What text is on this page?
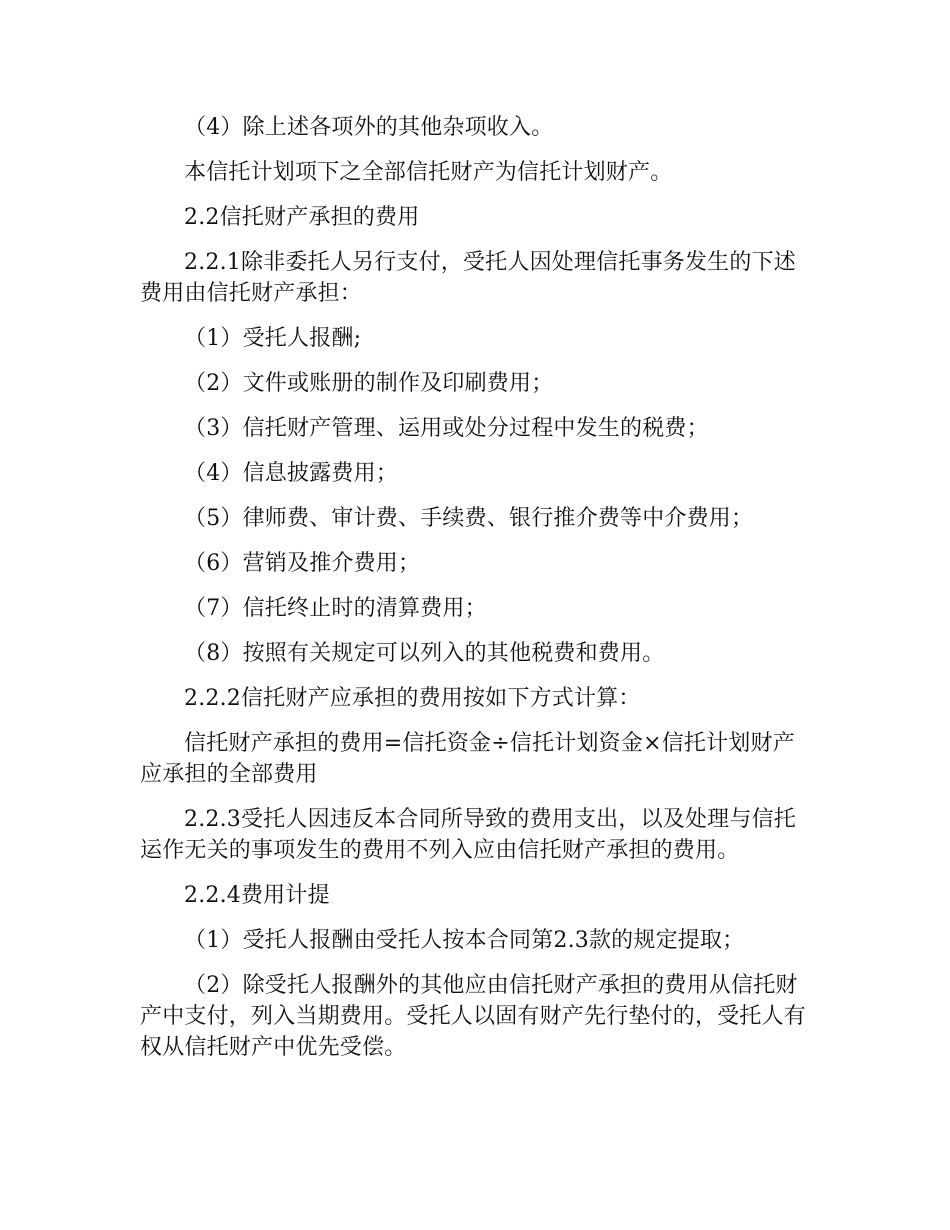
（4）除上述各项外的其他杂项收入。

本信托计划项下之全部信托财产为信托计划财产。

2.2信托财产承担的费用

2.2.1除非委托人另行支付，受托人因处理信托事务发生的下述费用由信托财产承担：

（1）受托人报酬;

（2）文件或账册的制作及印刷费用；

（3）信托财产管理、运用或处分过程中发生的税费；

（4）信息披露费用；

（5）律师费、审计费、手续费、银行推介费等中介费用；

（6）营销及推介费用；

（7）信托终止时的清算费用；

（8）按照有关规定可以列入的其他税费和费用。

2.2.2信托财产应承担的费用按如下方式计算：

信托财产承担的费用=信托资金÷信托计划资金×信托计划财产应承担的全部费用

2.2.3受托人因违反本合同所导致的费用支出，以及处理与信托运作无关的事项发生的费用不列入应由信托财产承担的费用。

2.2.4费用计提

（1）受托人报酬由受托人按本合同第2.3款的规定提取；

（2）除受托人报酬外的其他应由信托财产承担的费用从信托财产中支付，列入当期费用。受托人以固有财产先行垫付的，受托人有权从信托财产中优先受偿。
